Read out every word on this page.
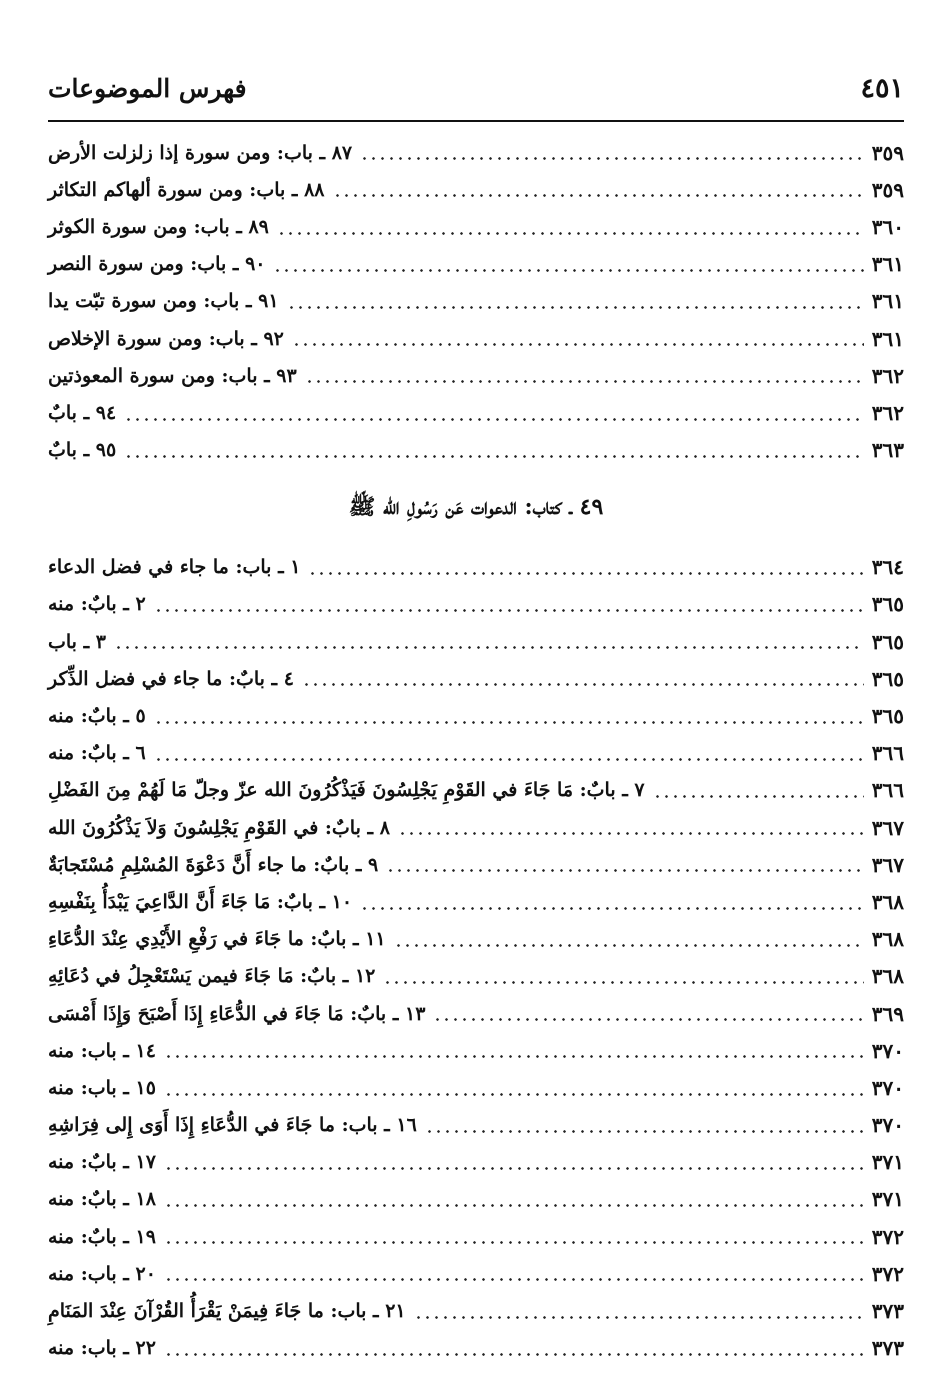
فهرس الموضوعات	٤٥١
٨٧ ـ باب: ومن سورة إذا زلزلت الأرض	٣٥٩
٨٨ ـ باب: ومن سورة ألهاكم التكاثر	٣٥٩
٨٩ ـ باب: ومن سورة الكوثر	٣٦٠
٩٠ ـ باب: ومن سورة النصر	٣٦١
٩١ ـ باب: ومن سورة تبّت يدا	٣٦١
٩٢ ـ باب: ومن سورة الإخلاص	٣٦١
٩٣ ـ باب: ومن سورة المعوذتين	٣٦٢
٩٤ ـ بابٌ	٣٦٢
٩٥ ـ بابٌ	٣٦٣
٤٩ ـ كتاب: الدعوات عَن رَسُولِ الله ﷺ
١ ـ باب: ما جاء في فضل الدعاء	٣٦٤
٢ ـ بابٌ: منه	٣٦٥
٣ ـ باب	٣٦٥
٤ ـ بابٌ: ما جاء في فضل الذِّكر	٣٦٥
٥ ـ بابٌ: منه	٣٦٥
٦ ـ بابٌ: منه	٣٦٦
٧ ـ بابٌ: مَا جَاءَ في القَوْمِ يَجْلِسُونَ فَيَذْكُرُونَ الله عزّ وجلّ مَا لَهُمْ مِنَ الفَضْلِ	٣٦٦
٨ ـ بابٌ: في القَوْمِ يَجْلِسُونَ وَلاَ يَذْكُرُونَ الله	٣٦٧
٩ ـ بابٌ: ما جاء أَنَّ دَعْوَةَ المُسْلِمِ مُسْتَجابَةٌ	٣٦٧
١٠ ـ بابٌ: مَا جَاءَ أَنَّ الدَّاعِيَ يَبْدَأُ بِنَفْسِهِ	٣٦٨
١١ ـ بابٌ: ما جَاءَ في رَفْعِ الأَيْدِي عِنْدَ الدُّعَاءِ	٣٦٨
١٢ ـ بابٌ: مَا جَاءَ فيمن يَسْتَعْجِلُ في دُعَائِهِ	٣٦٨
١٣ ـ بابٌ: مَا جَاءَ في الدُّعَاءِ إِذَا أَصْبَحَ وَإِذَا أَمْسَى	٣٦٩
١٤ ـ باب: منه	٣٧٠
١٥ ـ باب: منه	٣٧٠
١٦ ـ باب: ما جَاءَ في الدُّعَاءِ إِذَا أَوَى إِلى فِرَاشِهِ	٣٧٠
١٧ ـ بابٌ: منه	٣٧١
١٨ ـ بابٌ: منه	٣٧١
١٩ ـ بابٌ: منه	٣٧٢
٢٠ ـ باب: منه	٣٧٢
٢١ ـ باب: ما جَاءَ فِيمَنْ يَقْرَأُ القُرْآنَ عِنْدَ المَنَامِ	٣٧٣
٢٢ ـ باب: منه	٣٧٣
